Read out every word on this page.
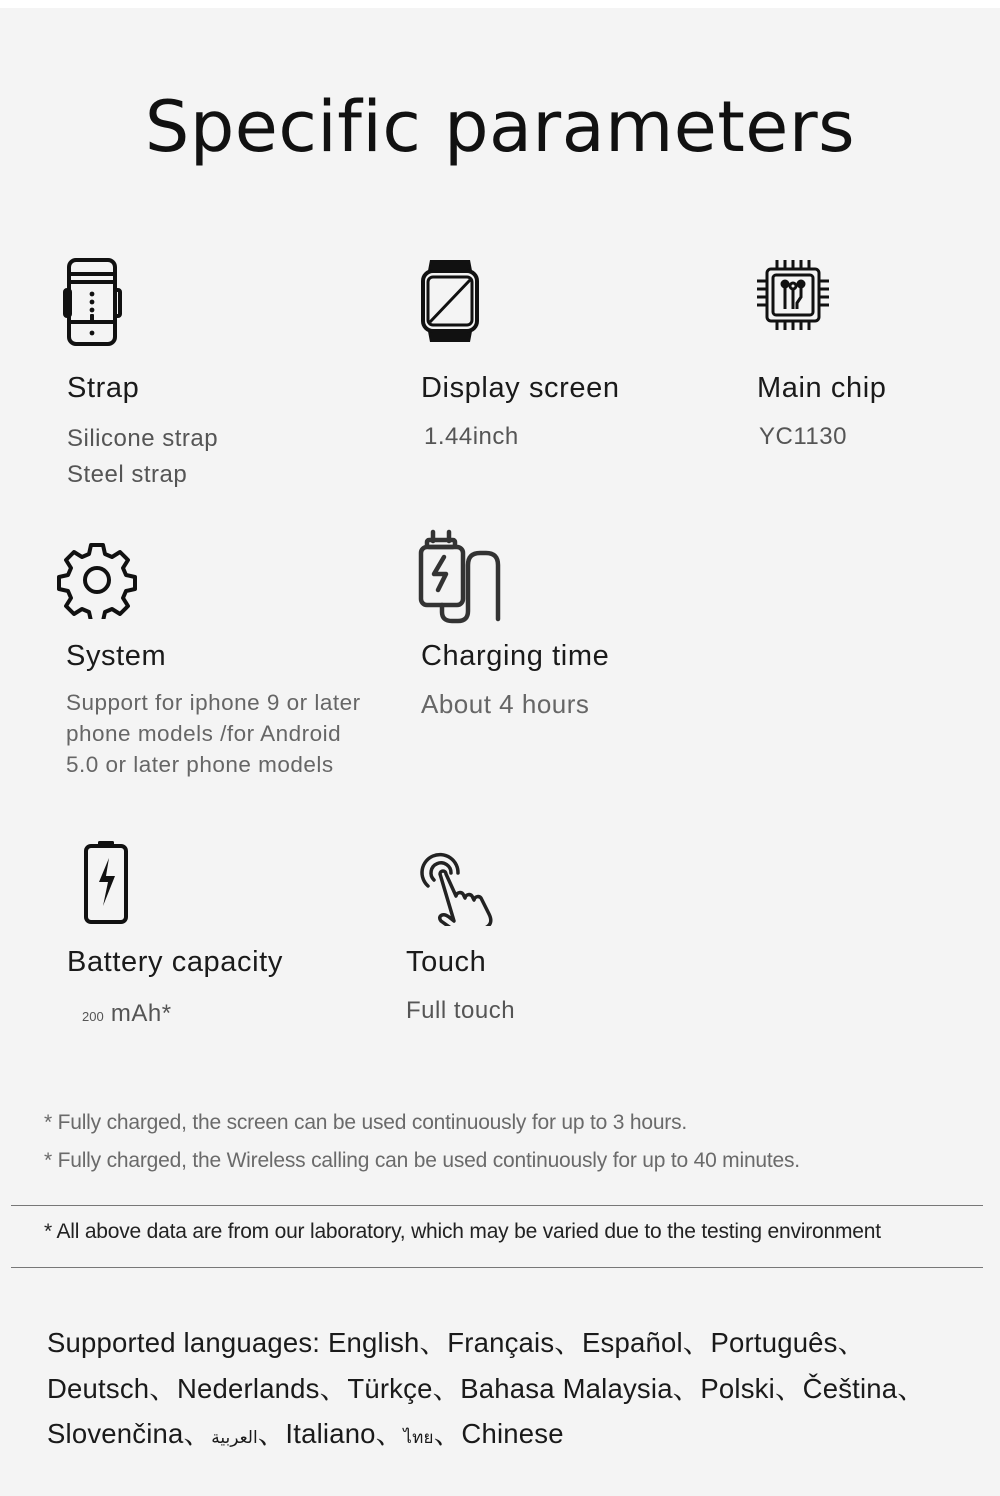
Specific parameters
Strap
Silicone strap
Steel strap
Display screen
1.44inch
Main chip
YC1130
System
Support for iphone 9 or later
phone models /for Android
5.0 or later phone models
Charging time
About 4 hours
Battery capacity
200 mAh*
Touch
Full touch
* Fully charged, the screen can be used continuously for up to 3 hours.
* Fully charged, the Wireless calling can be used continuously for up to 40 minutes.
* All above data are from our laboratory, which may be varied due to the testing environment
Supported languages: English、Français、Español、Português、
Deutsch、Nederlands、Türkçe、Bahasa Malaysia、Polski、Čeština、
Slovenčina、العربية、Italiano、ไทย、Chinese
